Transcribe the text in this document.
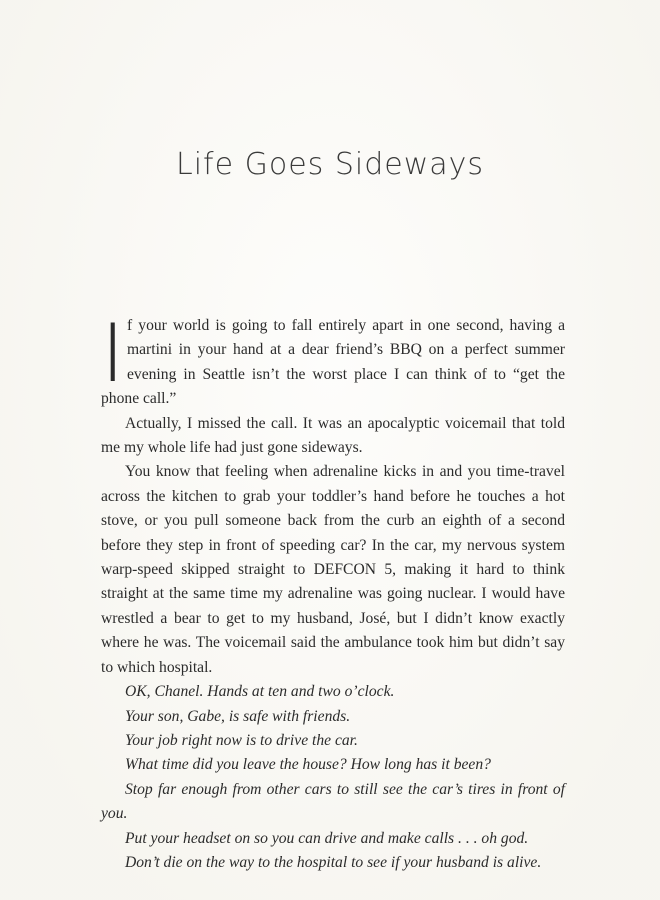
Life Goes Sideways

I f your world is going to fall entirely apart in one second, having a martini in your hand at a dear friend’s BBQ on a perfect summer evening in Seattle isn’t the worst place I can think of to “get the phone call.”

Actually, I missed the call. It was an apocalyptic voicemail that told me my whole life had just gone sideways.

You know that feeling when adrenaline kicks in and you time-travel across the kitchen to grab your toddler’s hand before he touches a hot stove, or you pull someone back from the curb an eighth of a second before they step in front of speeding car? In the car, my nervous system warp-speed skipped straight to DEFCON 5, making it hard to think straight at the same time my adrenaline was going nuclear. I would have wrestled a bear to get to my husband, José, but I didn’t know exactly where he was. The voicemail said the ambulance took him but didn’t say to which hospital.

OK, Chanel. Hands at ten and two o’clock.

Your son, Gabe, is safe with friends.

Your job right now is to drive the car.

What time did you leave the house? How long has it been?

Stop far enough from other cars to still see the car’s tires in front of you.

Put your headset on so you can drive and make calls . . . oh god.

Don’t die on the way to the hospital to see if your husband is alive.
